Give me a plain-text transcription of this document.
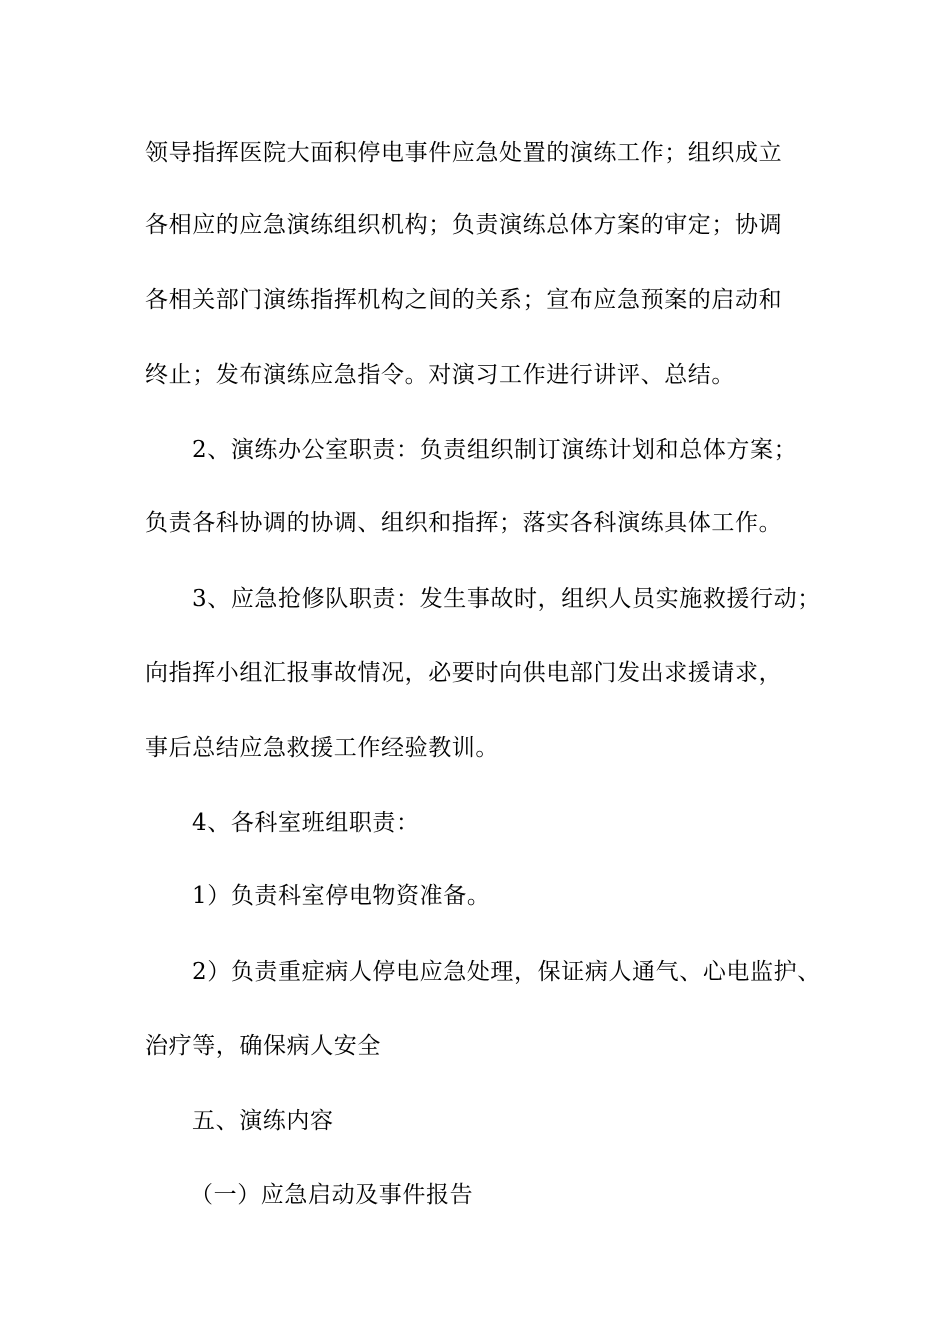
领导指挥医院大面积停电事件应急处置的演练工作；组织成立
各相应的应急演练组织机构；负责演练总体方案的审定；协调
各相关部门演练指挥机构之间的关系；宣布应急预案的启动和
终止；发布演练应急指令。对演习工作进行讲评、总结。
2、演练办公室职责：负责组织制订演练计划和总体方案；
负责各科协调的协调、组织和指挥；落实各科演练具体工作。
3、应急抢修队职责：发生事故时，组织人员实施救援行动；
向指挥小组汇报事故情况，必要时向供电部门发出求援请求，
事后总结应急救援工作经验教训。
4、各科室班组职责：
1）负责科室停电物资准备。
2）负责重症病人停电应急处理，保证病人通气、心电监护、
治疗等，确保病人安全
五、演练内容
（一）应急启动及事件报告
